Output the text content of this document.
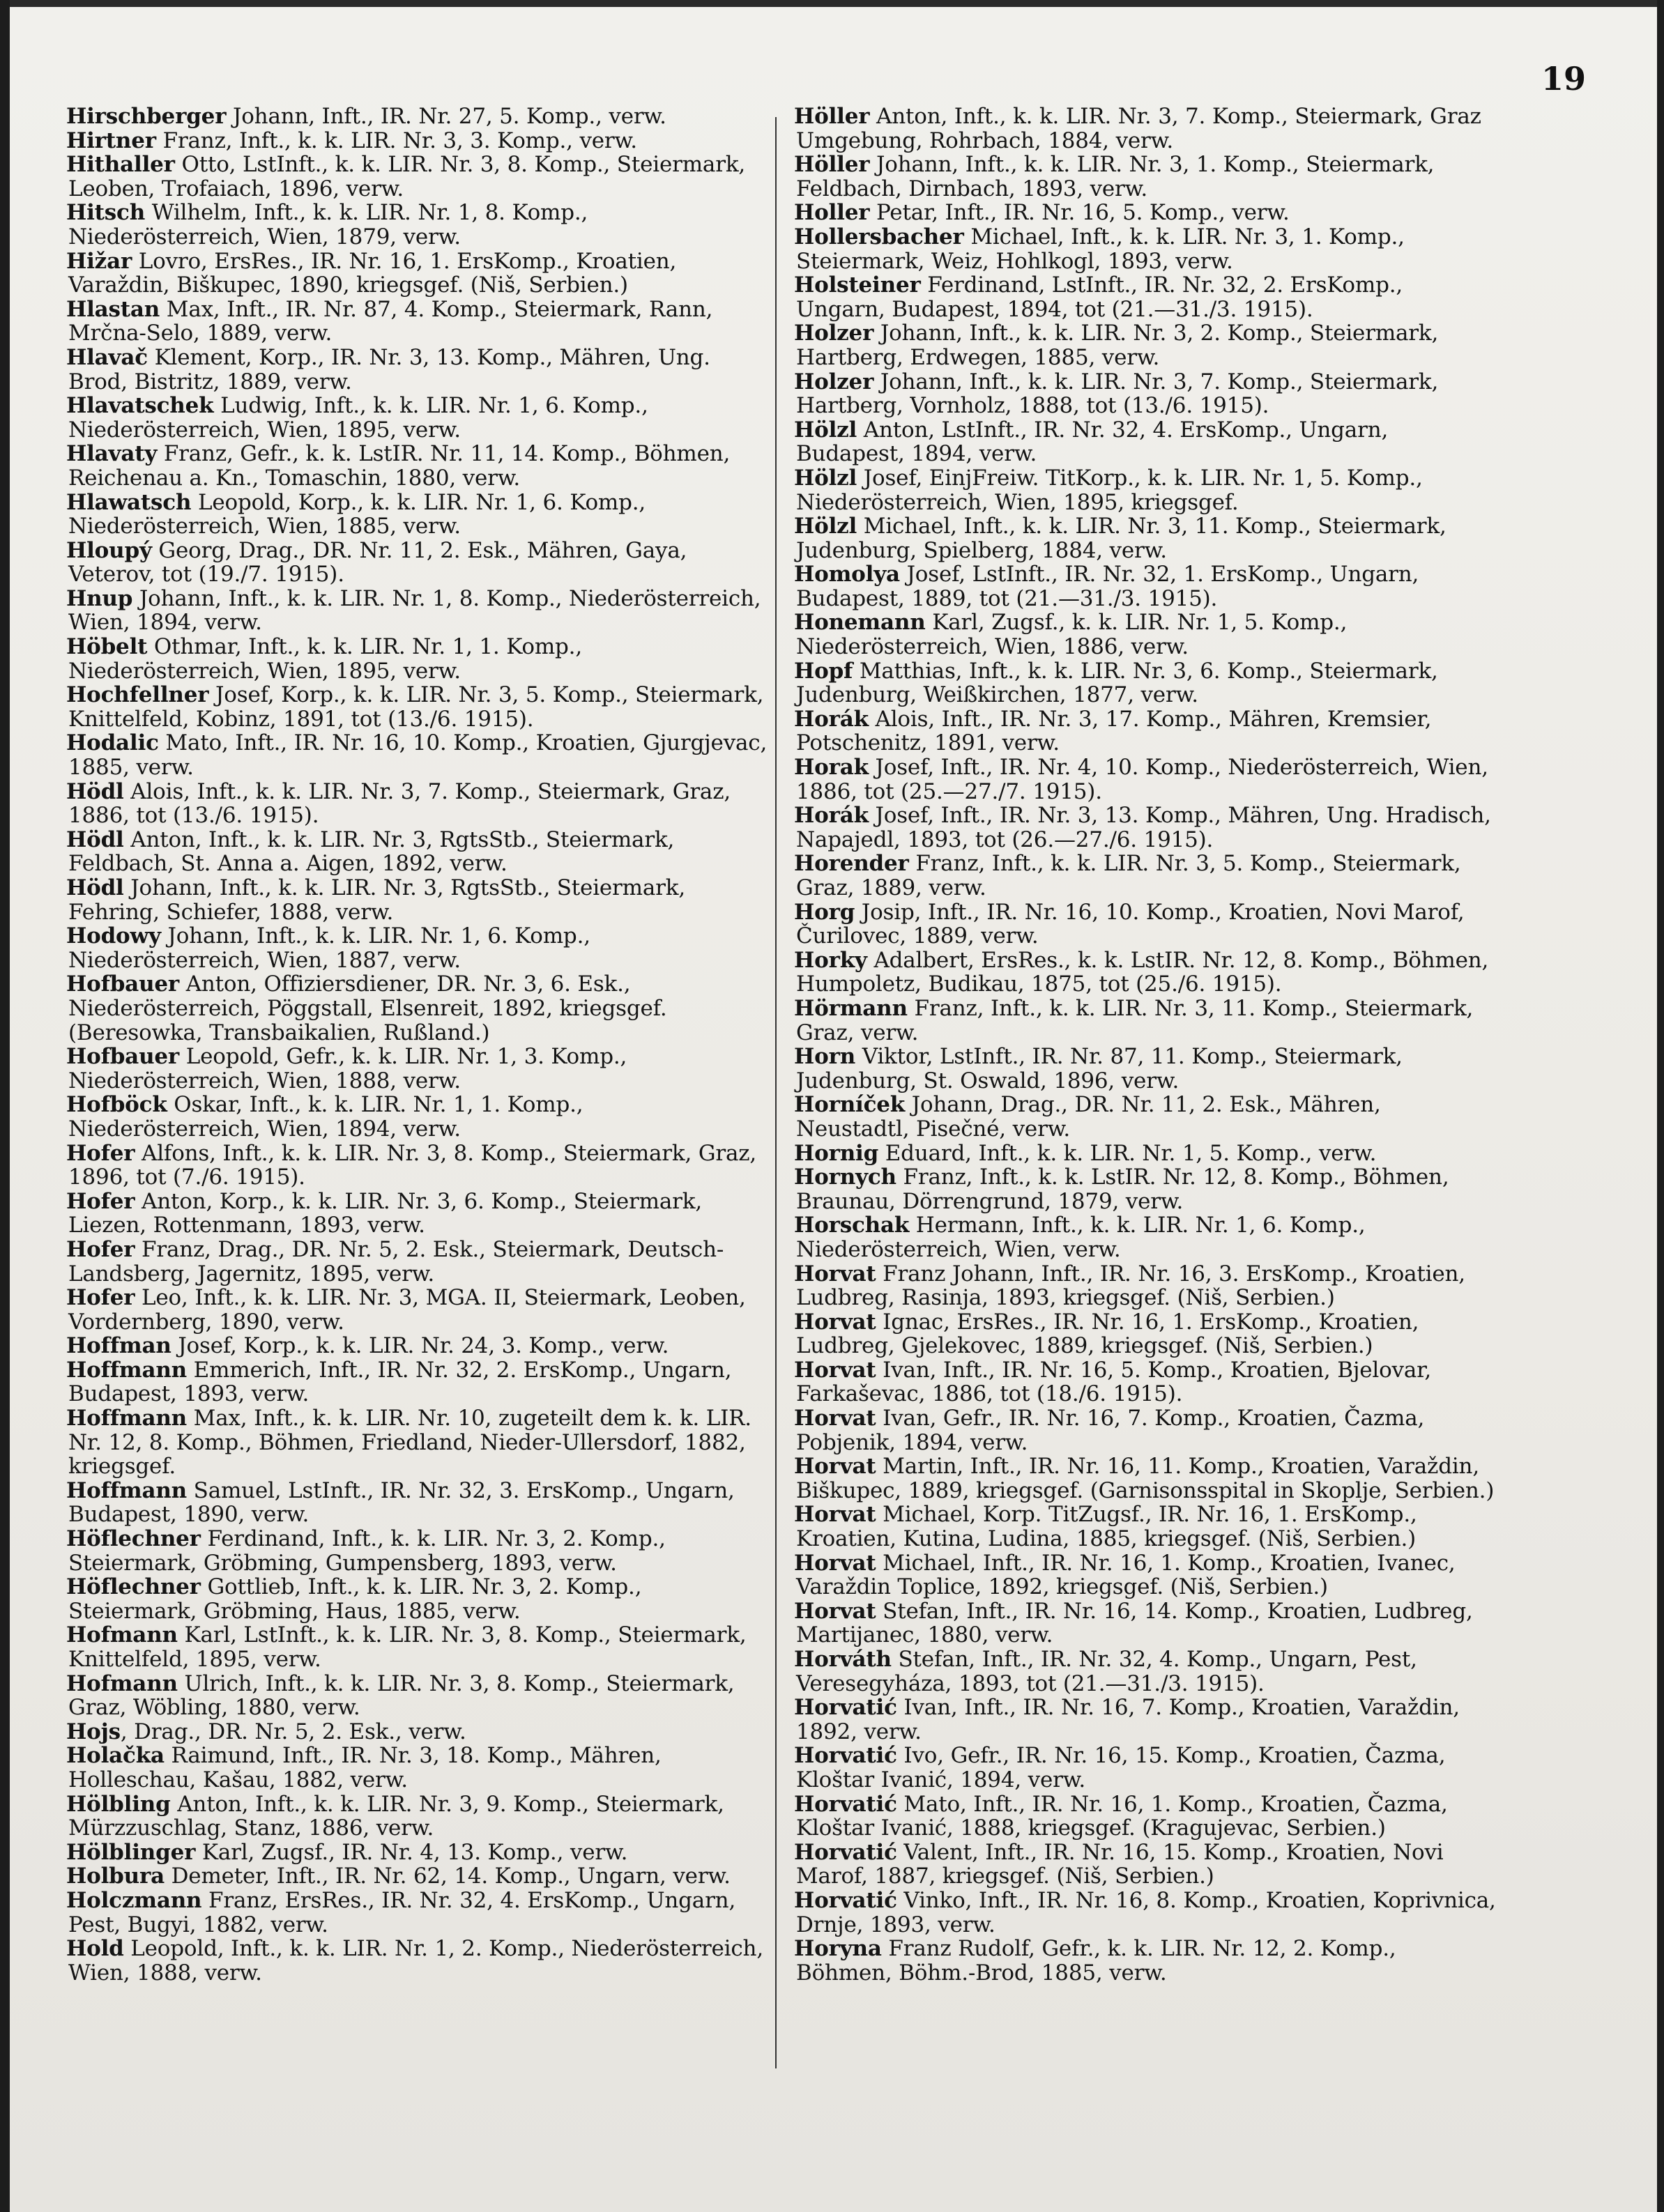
19
Hirschberger Johann, Inft., IR. Nr. 27, 5. Komp., verw.
Hirtner Franz, Inft., k. k. LIR. Nr. 3, 3. Komp., verw.
Hithaller Otto, LstInft., k. k. LIR. Nr. 3, 8. Komp., Steiermark, Leoben, Trofaiach, 1896, verw.
Hitsch Wilhelm, Inft., k. k. LIR. Nr. 1, 8. Komp., Niederösterreich, Wien, 1879, verw.
Hižar Lovro, ErsRes., IR. Nr. 16, 1. ErsKomp., Kroatien, Varaždin, Biškupec, 1890, kriegsgef. (Niš, Serbien.)
Hlastan Max, Inft., IR. Nr. 87, 4. Komp., Steiermark, Rann, Mrčna-Selo, 1889, verw.
Hlavač Klement, Korp., IR. Nr. 3, 13. Komp., Mähren, Ung. Brod, Bistritz, 1889, verw.
Hlavatschek Ludwig, Inft., k. k. LIR. Nr. 1, 6. Komp., Niederösterreich, Wien, 1895, verw.
Hlavaty Franz, Gefr., k. k. LstIR. Nr. 11, 14. Komp., Böhmen, Reichenau a. Kn., Tomaschin, 1880, verw.
Hlawatsch Leopold, Korp., k. k. LIR. Nr. 1, 6. Komp., Niederösterreich, Wien, 1885, verw.
Hloupý Georg, Drag., DR. Nr. 11, 2. Esk., Mähren, Gaya, Veterov, tot (19./7. 1915).
Hnup Johann, Inft., k. k. LIR. Nr. 1, 8. Komp., Niederösterreich, Wien, 1894, verw.
Höbelt Othmar, Inft., k. k. LIR. Nr. 1, 1. Komp., Niederösterreich, Wien, 1895, verw.
Hochfellner Josef, Korp., k. k. LIR. Nr. 3, 5. Komp., Steiermark, Knittelfeld, Kobinz, 1891, tot (13./6. 1915).
Hodalic Mato, Inft., IR. Nr. 16, 10. Komp., Kroatien, Gjurgjevac, 1885, verw.
Hödl Alois, Inft., k. k. LIR. Nr. 3, 7. Komp., Steiermark, Graz, 1886, tot (13./6. 1915).
Hödl Anton, Inft., k. k. LIR. Nr. 3, RgtsStb., Steiermark, Feldbach, St. Anna a. Aigen, 1892, verw.
Hödl Johann, Inft., k. k. LIR. Nr. 3, RgtsStb., Steiermark, Fehring, Schiefer, 1888, verw.
Hodowy Johann, Inft., k. k. LIR. Nr. 1, 6. Komp., Niederösterreich, Wien, 1887, verw.
Hofbauer Anton, Offiziersdiener, DR. Nr. 3, 6. Esk., Niederösterreich, Pöggstall, Elsenreit, 1892, kriegsgef. (Beresowka, Transbaikalien, Rußland.)
Hofbauer Leopold, Gefr., k. k. LIR. Nr. 1, 3. Komp., Niederösterreich, Wien, 1888, verw.
Hofböck Oskar, Inft., k. k. LIR. Nr. 1, 1. Komp., Niederösterreich, Wien, 1894, verw.
Hofer Alfons, Inft., k. k. LIR. Nr. 3, 8. Komp., Steiermark, Graz, 1896, tot (7./6. 1915).
Hofer Anton, Korp., k. k. LIR. Nr. 3, 6. Komp., Steiermark, Liezen, Rottenmann, 1893, verw.
Hofer Franz, Drag., DR. Nr. 5, 2. Esk., Steiermark, Deutsch-Landsberg, Jagernitz, 1895, verw.
Hofer Leo, Inft., k. k. LIR. Nr. 3, MGA. II, Steiermark, Leoben, Vordernberg, 1890, verw.
Hoffman Josef, Korp., k. k. LIR. Nr. 24, 3. Komp., verw.
Hoffmann Emmerich, Inft., IR. Nr. 32, 2. ErsKomp., Ungarn, Budapest, 1893, verw.
Hoffmann Max, Inft., k. k. LIR. Nr. 10, zugeteilt dem k. k. LIR. Nr. 12, 8. Komp., Böhmen, Friedland, Nieder-Ullersdorf, 1882, kriegsgef.
Hoffmann Samuel, LstInft., IR. Nr. 32, 3. ErsKomp., Ungarn, Budapest, 1890, verw.
Höflechner Ferdinand, Inft., k. k. LIR. Nr. 3, 2. Komp., Steiermark, Gröbming, Gumpensberg, 1893, verw.
Höflechner Gottlieb, Inft., k. k. LIR. Nr. 3, 2. Komp., Steiermark, Gröbming, Haus, 1885, verw.
Hofmann Karl, LstInft., k. k. LIR. Nr. 3, 8. Komp., Steiermark, Knittelfeld, 1895, verw.
Hofmann Ulrich, Inft., k. k. LIR. Nr. 3, 8. Komp., Steiermark, Graz, Wöbling, 1880, verw.
Hojs, Drag., DR. Nr. 5, 2. Esk., verw.
Holačka Raimund, Inft., IR. Nr. 3, 18. Komp., Mähren, Holleschau, Kašau, 1882, verw.
Hölbling Anton, Inft., k. k. LIR. Nr. 3, 9. Komp., Steiermark, Mürzzuschlag, Stanz, 1886, verw.
Hölblinger Karl, Zugsf., IR. Nr. 4, 13. Komp., verw.
Holbura Demeter, Inft., IR. Nr. 62, 14. Komp., Ungarn, verw.
Holczmann Franz, ErsRes., IR. Nr. 32, 4. ErsKomp., Ungarn, Pest, Bugyi, 1882, verw.
Hold Leopold, Inft., k. k. LIR. Nr. 1, 2. Komp., Niederösterreich, Wien, 1888, verw.
Höller Anton, Inft., k. k. LIR. Nr. 3, 7. Komp., Steiermark, Graz Umgebung, Rohrbach, 1884, verw.
Höller Johann, Inft., k. k. LIR. Nr. 3, 1. Komp., Steiermark, Feldbach, Dirnbach, 1893, verw.
Holler Petar, Inft., IR. Nr. 16, 5. Komp., verw.
Hollersbacher Michael, Inft., k. k. LIR. Nr. 3, 1. Komp., Steiermark, Weiz, Hohlkogl, 1893, verw.
Holsteiner Ferdinand, LstInft., IR. Nr. 32, 2. ErsKomp., Ungarn, Budapest, 1894, tot (21.—31./3. 1915).
Holzer Johann, Inft., k. k. LIR. Nr. 3, 2. Komp., Steiermark, Hartberg, Erdwegen, 1885, verw.
Holzer Johann, Inft., k. k. LIR. Nr. 3, 7. Komp., Steiermark, Hartberg, Vornholz, 1888, tot (13./6. 1915).
Hölzl Anton, LstInft., IR. Nr. 32, 4. ErsKomp., Ungarn, Budapest, 1894, verw.
Hölzl Josef, EinjFreiw. TitKorp., k. k. LIR. Nr. 1, 5. Komp., Niederösterreich, Wien, 1895, kriegsgef.
Hölzl Michael, Inft., k. k. LIR. Nr. 3, 11. Komp., Steiermark, Judenburg, Spielberg, 1884, verw.
Homolya Josef, LstInft., IR. Nr. 32, 1. ErsKomp., Ungarn, Budapest, 1889, tot (21.—31./3. 1915).
Honemann Karl, Zugsf., k. k. LIR. Nr. 1, 5. Komp., Niederösterreich, Wien, 1886, verw.
Hopf Matthias, Inft., k. k. LIR. Nr. 3, 6. Komp., Steiermark, Judenburg, Weißkirchen, 1877, verw.
Horák Alois, Inft., IR. Nr. 3, 17. Komp., Mähren, Kremsier, Potschenitz, 1891, verw.
Horak Josef, Inft., IR. Nr. 4, 10. Komp., Niederösterreich, Wien, 1886, tot (25.—27./7. 1915).
Horák Josef, Inft., IR. Nr. 3, 13. Komp., Mähren, Ung. Hradisch, Napajedl, 1893, tot (26.—27./6. 1915).
Horender Franz, Inft., k. k. LIR. Nr. 3, 5. Komp., Steiermark, Graz, 1889, verw.
Horg Josip, Inft., IR. Nr. 16, 10. Komp., Kroatien, Novi Marof, Čurilovec, 1889, verw.
Horky Adalbert, ErsRes., k. k. LstIR. Nr. 12, 8. Komp., Böhmen, Humpoletz, Budikau, 1875, tot (25./6. 1915).
Hörmann Franz, Inft., k. k. LIR. Nr. 3, 11. Komp., Steiermark, Graz, verw.
Horn Viktor, LstInft., IR. Nr. 87, 11. Komp., Steiermark, Judenburg, St. Oswald, 1896, verw.
Horníček Johann, Drag., DR. Nr. 11, 2. Esk., Mähren, Neustadtl, Pisečné, verw.
Hornig Eduard, Inft., k. k. LIR. Nr. 1, 5. Komp., verw.
Hornych Franz, Inft., k. k. LstIR. Nr. 12, 8. Komp., Böhmen, Braunau, Dörrengrund, 1879, verw.
Horschak Hermann, Inft., k. k. LIR. Nr. 1, 6. Komp., Niederösterreich, Wien, verw.
Horvat Franz Johann, Inft., IR. Nr. 16, 3. ErsKomp., Kroatien, Ludbreg, Rasinja, 1893, kriegsgef. (Niš, Serbien.)
Horvat Ignac, ErsRes., IR. Nr. 16, 1. ErsKomp., Kroatien, Ludbreg, Gjelekovec, 1889, kriegsgef. (Niš, Serbien.)
Horvat Ivan, Inft., IR. Nr. 16, 5. Komp., Kroatien, Bjelovar, Farkaševac, 1886, tot (18./6. 1915).
Horvat Ivan, Gefr., IR. Nr. 16, 7. Komp., Kroatien, Čazma, Pobjenik, 1894, verw.
Horvat Martin, Inft., IR. Nr. 16, 11. Komp., Kroatien, Varaždin, Biškupec, 1889, kriegsgef. (Garnisonsspital in Skoplje, Serbien.)
Horvat Michael, Korp. TitZugsf., IR. Nr. 16, 1. ErsKomp., Kroatien, Kutina, Ludina, 1885, kriegsgef. (Niš, Serbien.)
Horvat Michael, Inft., IR. Nr. 16, 1. Komp., Kroatien, Ivanec, Varaždin Toplice, 1892, kriegsgef. (Niš, Serbien.)
Horvat Stefan, Inft., IR. Nr. 16, 14. Komp., Kroatien, Ludbreg, Martijanec, 1880, verw.
Horváth Stefan, Inft., IR. Nr. 32, 4. Komp., Ungarn, Pest, Veresegyháza, 1893, tot (21.—31./3. 1915).
Horvatić Ivan, Inft., IR. Nr. 16, 7. Komp., Kroatien, Varaždin, 1892, verw.
Horvatić Ivo, Gefr., IR. Nr. 16, 15. Komp., Kroatien, Čazma, Kloštar Ivanić, 1894, verw.
Horvatić Mato, Inft., IR. Nr. 16, 1. Komp., Kroatien, Čazma, Kloštar Ivanić, 1888, kriegsgef. (Kragujevac, Serbien.)
Horvatić Valent, Inft., IR. Nr. 16, 15. Komp., Kroatien, Novi Marof, 1887, kriegsgef. (Niš, Serbien.)
Horvatić Vinko, Inft., IR. Nr. 16, 8. Komp., Kroatien, Koprivnica, Drnje, 1893, verw.
Horyna Franz Rudolf, Gefr., k. k. LIR. Nr. 12, 2. Komp., Böhmen, Böhm.-Brod, 1885, verw.
